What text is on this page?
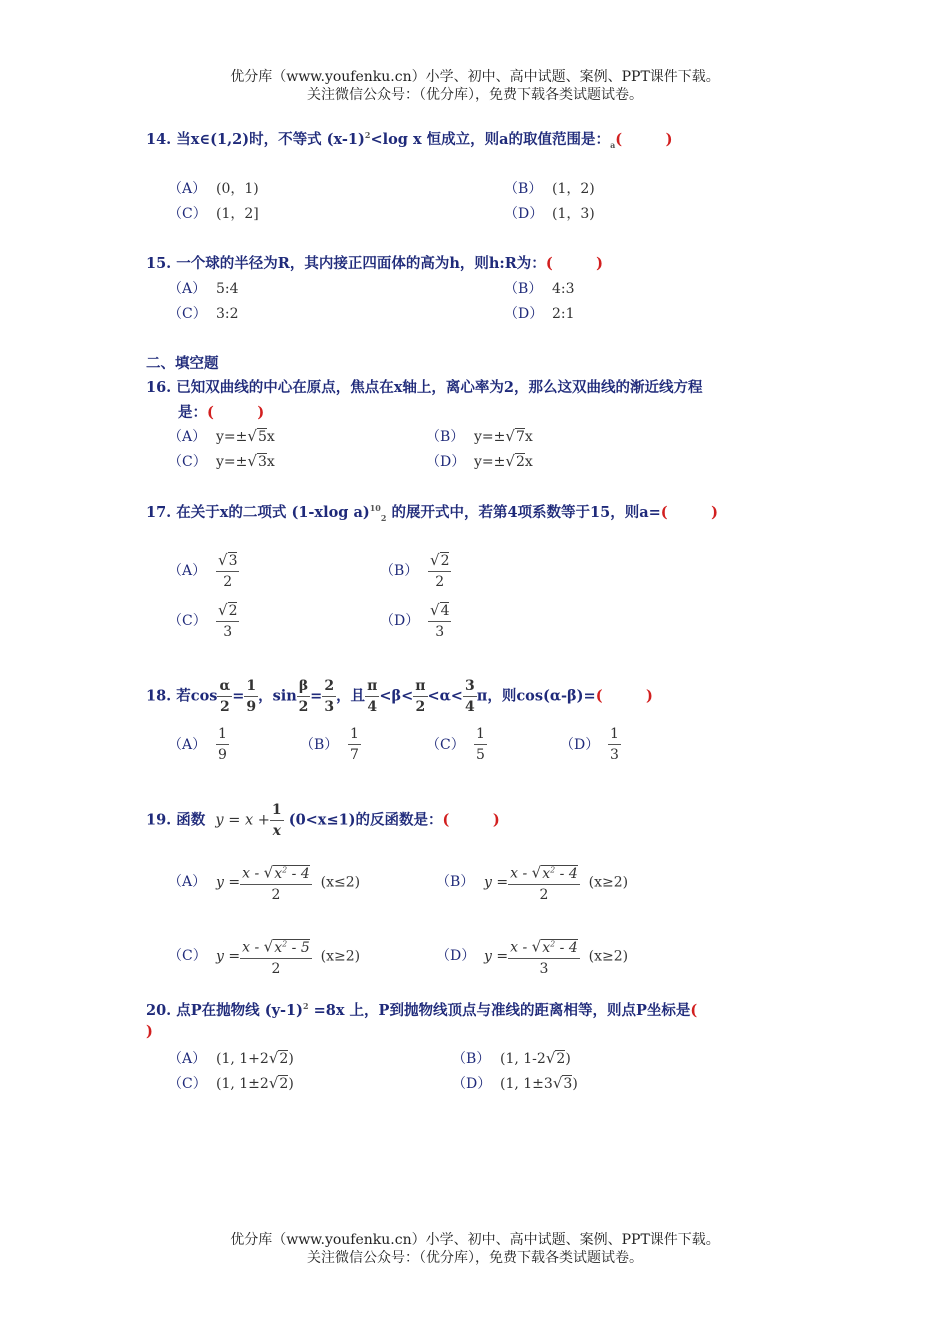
优分库（www.youfenku.cn）小学、初中、高中试题、案例、PPT课件下载。
关注微信公众号：（优分库），免费下载各类试题试卷。
14. 当x∈(1,2)时，不等式 $(x-1)^2<\log$ x 恒成立，则a的取值范围是：$_a$(　　　)
（A） (0，1)	（B） (1，2)
（C） (1，2]	（D） (1，3)
15. 一个球的半径为R，其内接正四面体的高为h，则h:R为：(　　　)
（A） 5:4	（B） 4:3
（C） 3:2	（D） 2:1
二、填空题
16. 已知双曲线的中心在原点，焦点在x轴上，离心率为2，那么这双曲线的渐近线方程
是：(　　　)
（A） y=±√5x	（B） y=±√7x
（C） y=±√3x	（D） y=±√2x
17. 在关于x的二项式 (1-xlog a)$^{10}_2$ 的展开式中，若第4项系数等于15，则a=(　　　)
$(A) \frac{√3}{2}$	$(B) \frac{√2}{2}$
$(C) \frac{√2}{3}$	$(D) \frac{√4}{3}$
18. 若$\cos \frac{\alpha}{2} = \frac{1}{9}$ ，$\sin \frac{\beta}{2} = \frac{2}{3}$ ，且 $\frac{\pi}{4} <\beta< \frac{\pi}{2} <\alpha< \frac{3}{4}$ π，则cos(α-β)=(　　　)
$(A) \frac{1}{9}$	$(B) \frac{1}{7}$	$(C) \frac{1}{5}$	$(D) \frac{1}{3}$
19. 函数 $y = x + \frac{1}{x} (0<x\le 1)$的反函数是：(　　　)
（A） $y = \frac{x - √x^2 - 4}{2} (x\le 2)$	（B） $y = \frac{x - √x^2 - 4}{2} (x\ge 2)$
（C） $y = \frac{x - √x^2 - 5}{2} (x\ge 2)$	（D） $y = \frac{x - √x^2 - 4}{3} (x\ge 2)$
20. 点P在抛物线 $(y-1)^2 =8x$ 上，P到抛物线顶点与准线的距离相等，则点P坐标是(
)
（A） (1, 1+2√2)	（B） (1, 1-2√2)
（C） (1, 1±2√2)	（D） (1, 1±3√3)
优分库（www.youfenku.cn）小学、初中、高中试题、案例、PPT课件下载。
关注微信公众号：（优分库），免费下载各类试题试卷。
